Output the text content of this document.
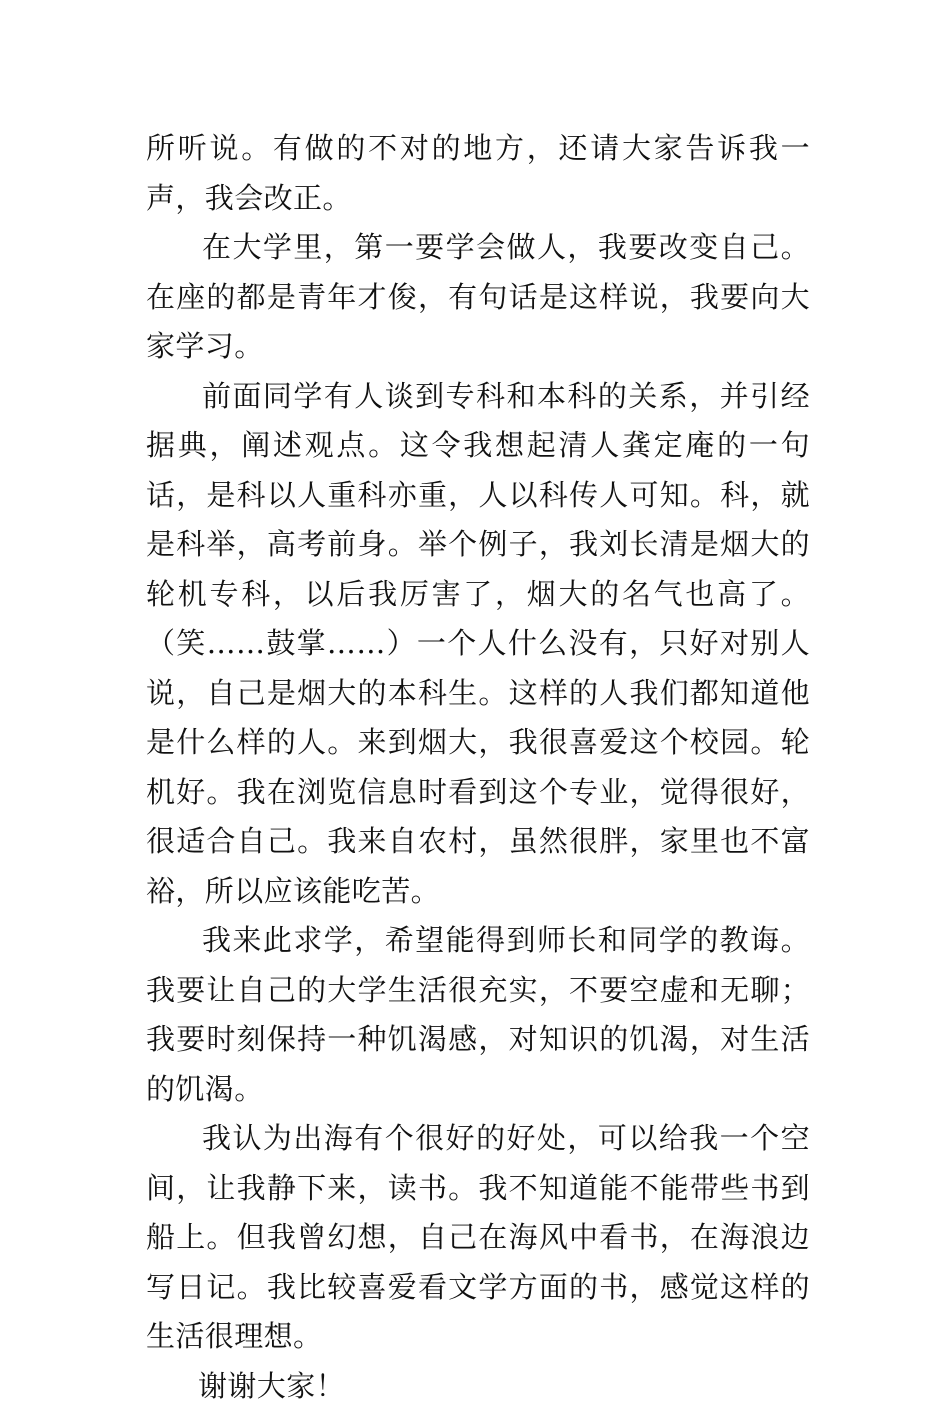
所听说。有做的不对的地方，还请大家告诉我一声，我会改正。

在大学里，第一要学会做人，我要改变自己。在座的都是青年才俊，有句话是这样说，我要向大家学习。

前面同学有人谈到专科和本科的关系，并引经据典，阐述观点。这令我想起清人龚定庵的一句话，是科以人重科亦重，人以科传人可知。科，就是科举，高考前身。举个例子，我刘长清是烟大的轮机专科，以后我厉害了，烟大的名气也高了。（笑……鼓掌……）一个人什么没有，只好对别人说，自己是烟大的本科生。这样的人我们都知道他是什么样的人。来到烟大，我很喜爱这个校园。轮机好。我在浏览信息时看到这个专业，觉得很好，很适合自己。我来自农村，虽然很胖，家里也不富裕，所以应该能吃苦。

我来此求学，希望能得到师长和同学的教诲。我要让自己的大学生活很充实，不要空虚和无聊；我要时刻保持一种饥渴感，对知识的饥渴，对生活的饥渴。

我认为出海有个很好的好处，可以给我一个空间，让我静下来，读书。我不知道能不能带些书到船上。但我曾幻想，自己在海风中看书，在海浪边写日记。我比较喜爱看文学方面的书，感觉这样的生活很理想。

谢谢大家！
